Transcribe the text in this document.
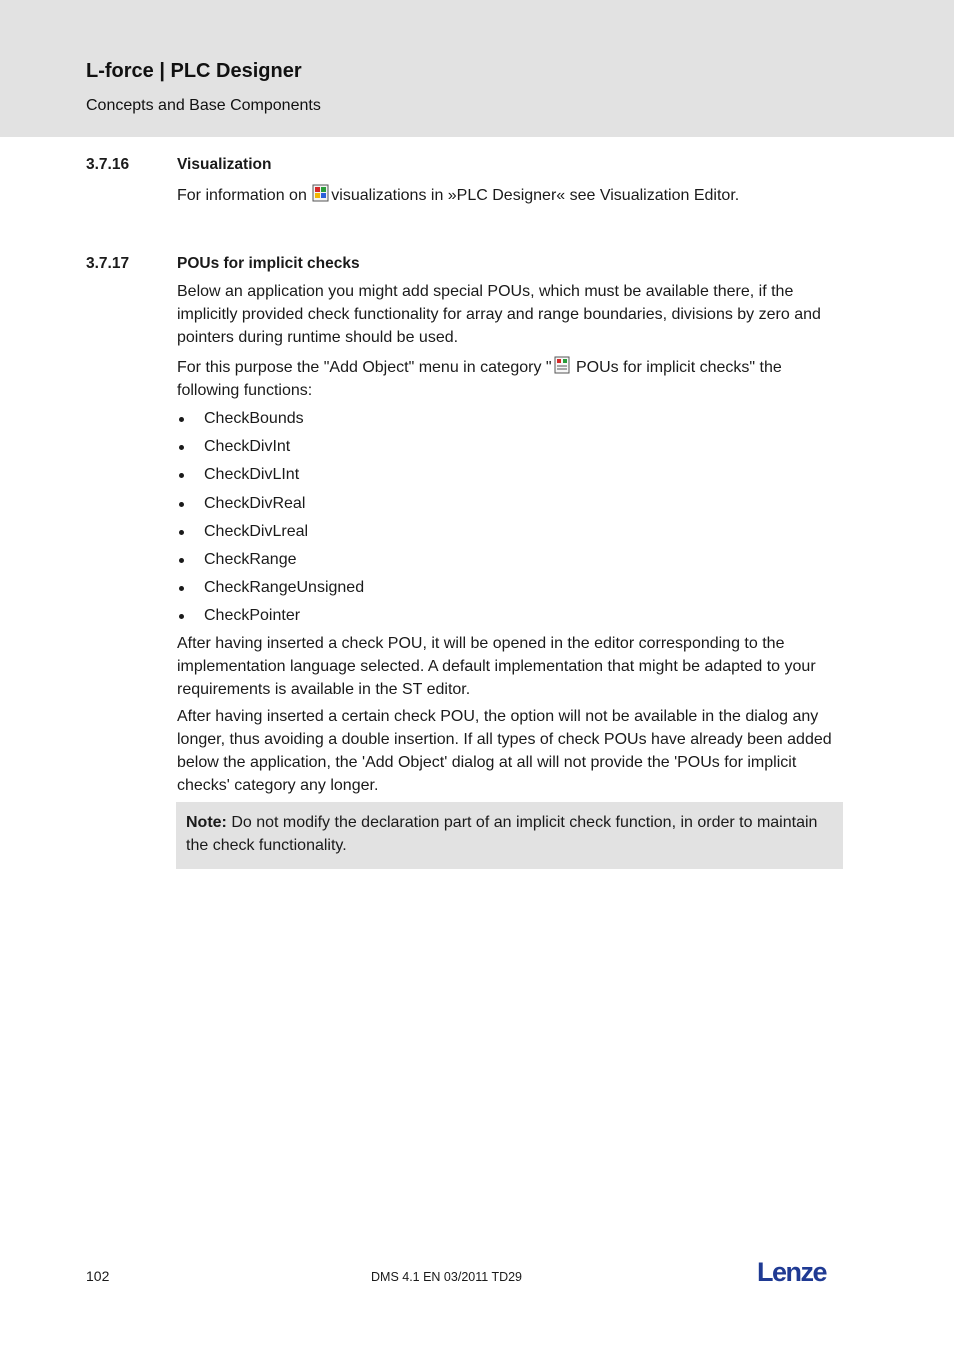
L-force | PLC Designer
Concepts and Base Components
3.7.16	Visualization
For information on visualizations in »PLC Designer« see Visualization Editor.
3.7.17	POUs for implicit checks
Below an application you might add special POUs, which must be available there, if the implicitly provided check functionality for array and range boundaries, divisions by zero and pointers during runtime should be used.
For this purpose the "Add Object" menu in category " POUs for implicit checks" the following functions:
CheckBounds
CheckDivInt
CheckDivLInt
CheckDivReal
CheckDivLreal
CheckRange
CheckRangeUnsigned
CheckPointer
After having inserted a check POU, it will be opened in the editor corresponding to the implementation language selected. A default implementation that might be adapted to your requirements is available in the ST editor.
After having inserted a certain check POU, the option will not be available in the dialog any longer, thus avoiding a double insertion. If all types of check POUs have already been added below the application, the 'Add Object' dialog at all will not provide the 'POUs for implicit checks' category any longer.
Note: Do not modify the declaration part of an implicit check function, in order to maintain the check functionality.
102	DMS 4.1 EN 03/2011 TD29	Lenze
